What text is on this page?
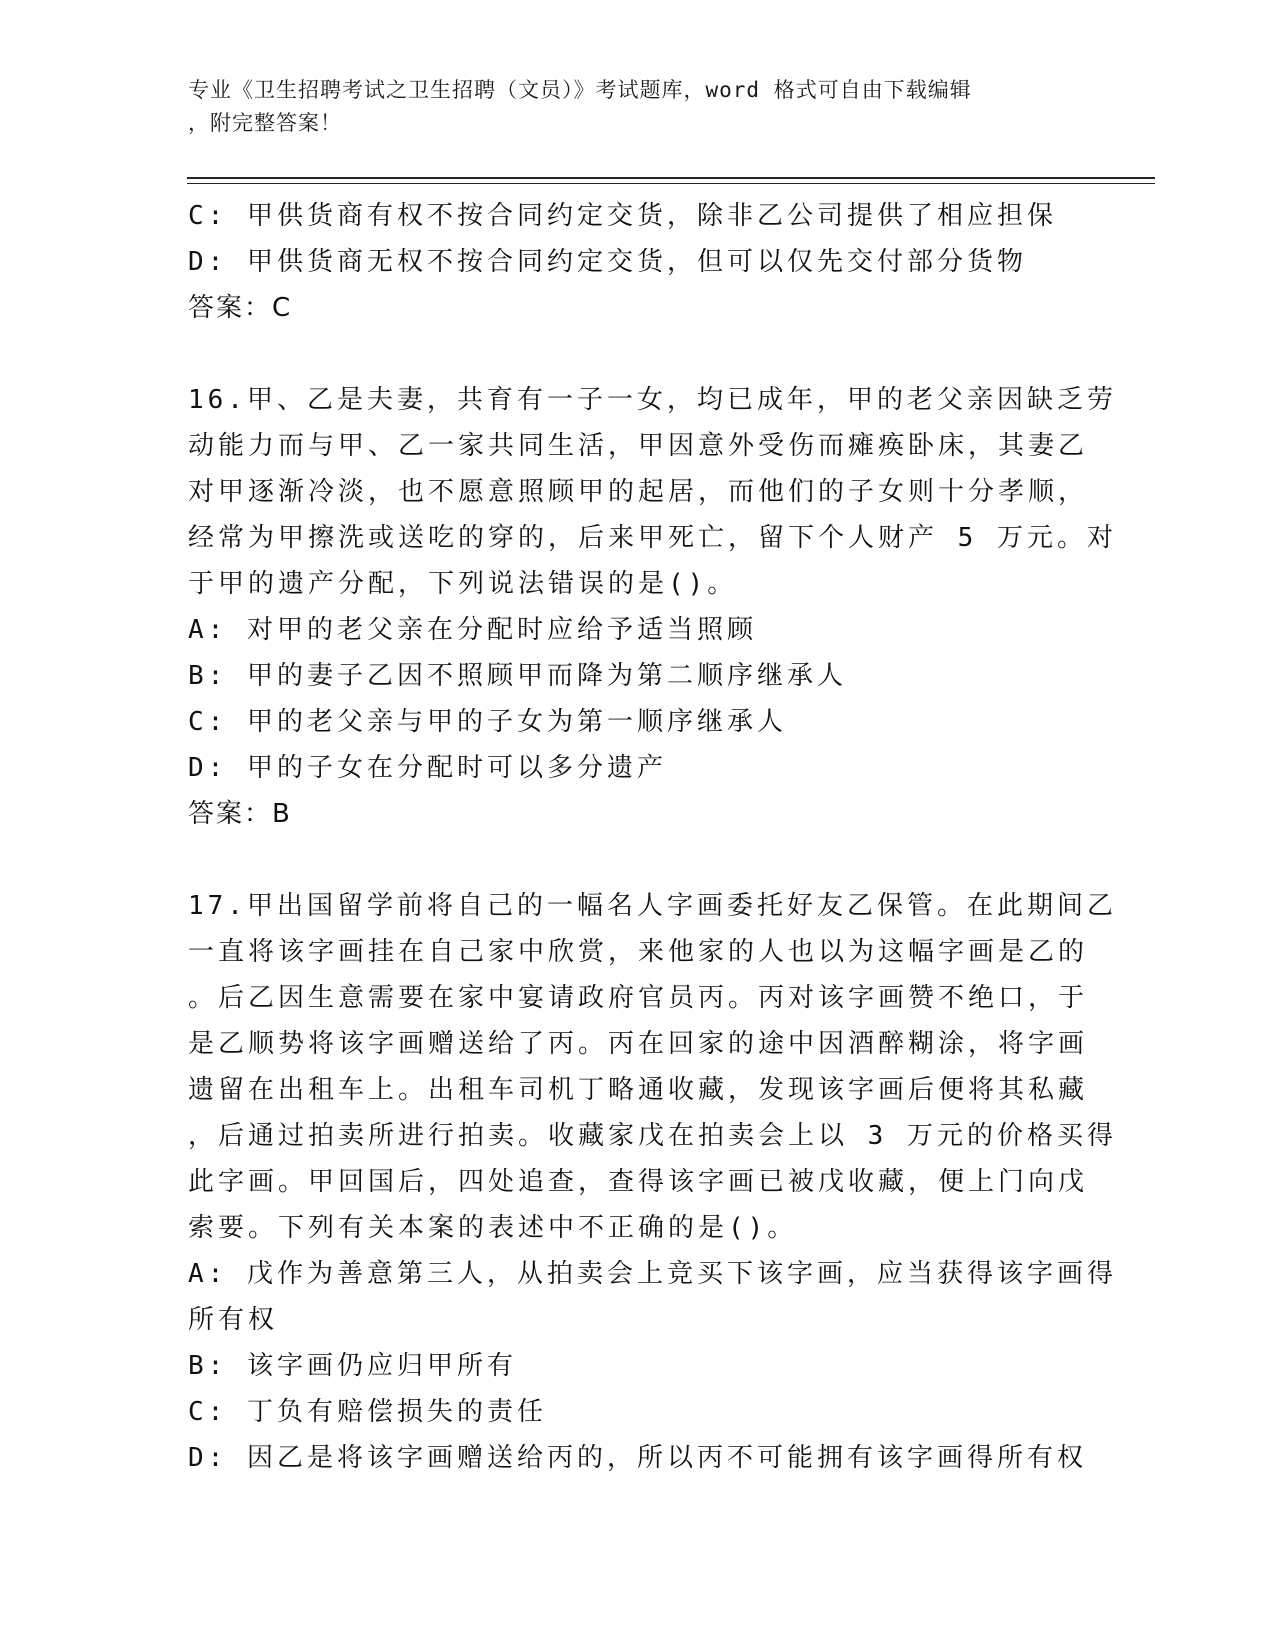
专业《卫生招聘考试之卫生招聘（文员）》考试题库，word 格式可自由下载编辑
，附完整答案！
C: 甲供货商有权不按合同约定交货，除非乙公司提供了相应担保
D: 甲供货商无权不按合同约定交货，但可以仅先交付部分货物
答案：C
16.甲、乙是夫妻，共育有一子一女，均已成年，甲的老父亲因缺乏劳
动能力而与甲、乙一家共同生活，甲因意外受伤而瘫痪卧床，其妻乙
对甲逐渐冷淡，也不愿意照顾甲的起居，而他们的子女则十分孝顺，
经常为甲擦洗或送吃的穿的，后来甲死亡，留下个人财产 5 万元。对
于甲的遗产分配，下列说法错误的是()。
A: 对甲的老父亲在分配时应给予适当照顾
B: 甲的妻子乙因不照顾甲而降为第二顺序继承人
C: 甲的老父亲与甲的子女为第一顺序继承人
D: 甲的子女在分配时可以多分遗产
答案：B
17.甲出国留学前将自己的一幅名人字画委托好友乙保管。在此期间乙
一直将该字画挂在自己家中欣赏，来他家的人也以为这幅字画是乙的
。后乙因生意需要在家中宴请政府官员丙。丙对该字画赞不绝口，于
是乙顺势将该字画赠送给了丙。丙在回家的途中因酒醉糊涂，将字画
遗留在出租车上。出租车司机丁略通收藏，发现该字画后便将其私藏
，后通过拍卖所进行拍卖。收藏家戊在拍卖会上以 3 万元的价格买得
此字画。甲回国后，四处追查，查得该字画已被戊收藏，便上门向戊
索要。下列有关本案的表述中不正确的是()。
A: 戊作为善意第三人，从拍卖会上竞买下该字画，应当获得该字画得
所有权
B: 该字画仍应归甲所有
C: 丁负有赔偿损失的责任
D: 因乙是将该字画赠送给丙的，所以丙不可能拥有该字画得所有权
